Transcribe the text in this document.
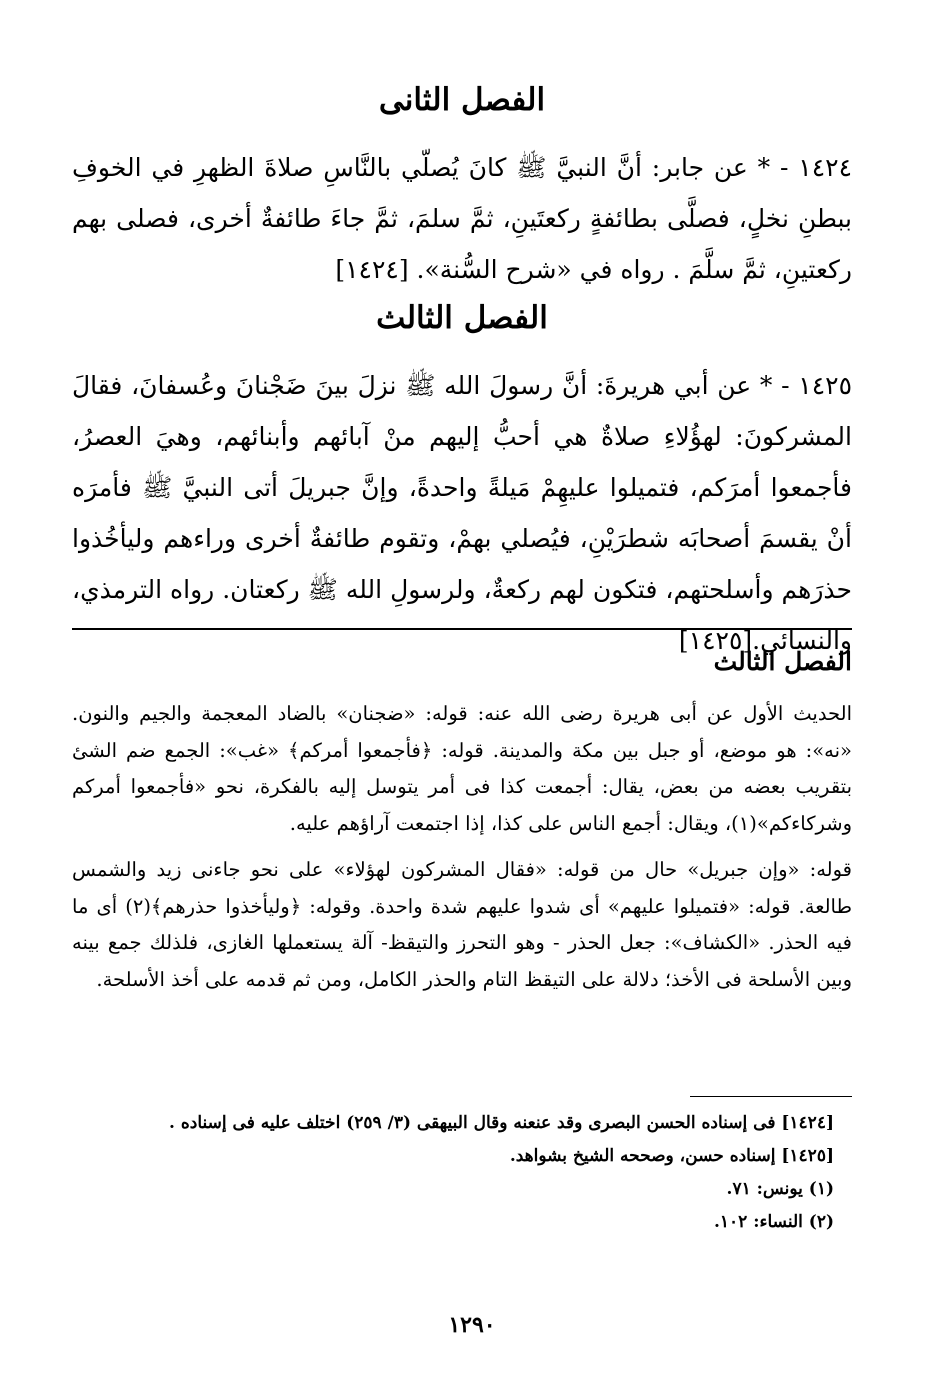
الفصل الثانى

١٤٢٤ - * عن جابر: أنَّ النبيَّ ﷺ كانَ يُصلّي بالنَّاسِ صلاةَ الظهرِ في الخوفِ ببطنِ نخلٍ، فصلَّى بطائفةٍ ركعتَينِ، ثمَّ سلمَ، ثمَّ جاءَ طائفةٌ أخرى، فصلى بهم ركعتينِ، ثمَّ سلَّمَ . رواه في «شرح السُّنة». [١٤٢٤]

الفصل الثالث

١٤٢٥ - * عن أبي هريرةَ: أنَّ رسولَ الله ﷺ نزلَ بينَ ضَجْنانَ وعُسفانَ، فقالَ المشركونَ: لهؤُلاءِ صلاةٌ هي أحبُّ إليهم منْ آبائهم وأبنائهم، وهيَ العصرُ، فأجمعوا أمرَكم، فتميلوا عليهِمْ مَيلةً واحدةً، وإنَّ جبريلَ أتى النبيَّ ﷺ فأمرَه أنْ يقسمَ أصحابَه شطرَيْنِ، فيُصلي بهمْ، وتقوم طائفةٌ أخرى وراءهم وليأخُذوا حذرَهم وأسلحتهم، فتكون لهم ركعةٌ، ولرسولِ الله ﷺ ركعتان. رواه الترمذي، والنسائي.[١٤٢٥]

الفصل الثالث

الحديث الأول عن أبى هريرة رضى الله عنه: قوله: «ضجنان» بالضاد المعجمة والجيم والنون. «نه»: هو موضع، أو جبل بين مكة والمدينة. قوله: ﴿فأجمعوا أمركم﴾ «غب»: الجمع ضم الشئ بتقريب بعضه من بعض، يقال: أجمعت كذا فى أمر يتوسل إليه بالفكرة، نحو «فأجمعوا أمركم وشركاءكم»(١)، ويقال: أجمع الناس على كذا، إذا اجتمعت آراؤهم عليه.

قوله: «وإن جبريل» حال من قوله: «فقال المشركون لهؤلاء» على نحو جاءنى زيد والشمس طالعة. قوله: «فتميلوا عليهم» أى شدوا عليهم شدة واحدة. وقوله: ﴿وليأخذوا حذرهم﴾(٢) أى ما فيه الحذر. «الكشاف»: جعل الحذر - وهو التحرز والتيقظ- آلة يستعملها الغازى، فلذلك جمع بينه وبين الأسلحة فى الأخذ؛ دلالة على التيقظ التام والحذر الكامل، ومن ثم قدمه على أخذ الأسلحة.

[١٤٢٤] فى إسناده الحسن البصرى وقد عنعنه وقال البيهقى (٣/ ٢٥٩) اختلف عليه فى إسناده .

[١٤٢٥] إسناده حسن، وصححه الشيخ بشواهد.

(١) يونس: ٧١.

(٢) النساء: ١٠٢.

١٢٩٠
